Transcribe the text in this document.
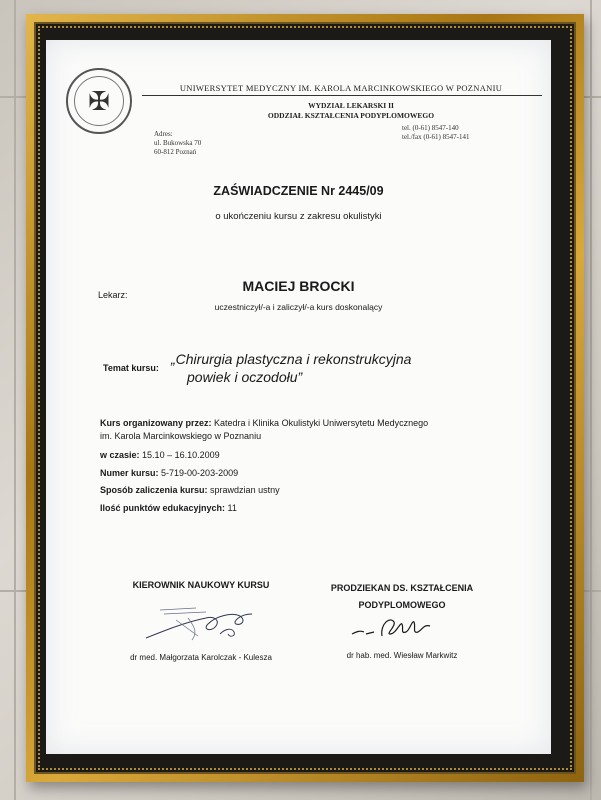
✠	UNIWERSYTET MEDYCZNY IM. KAROLA MARCINKOWSKIEGO W POZNANIU
WYDZIAŁ LEKARSKI II
ODDZIAŁ KSZTAŁCENIA PODYPLOMOWEGO
Adres:
ul. Bukowska 70
60-812 Poznań
tel. (0-61) 8547-140
tel./fax (0-61) 8547-141
ZAŚWIADCZENIE Nr 2445/09
o ukończeniu kursu z zakresu okulistyki
Lekarz:
MACIEJ BROCKI
uczestniczył/-a i zaliczył/-a kurs doskonalący
Temat kursu:
„Chirurgia plastyczna i rekonstrukcyjna
powiek i oczodołu”
Kurs organizowany przez: Katedra i Klinika Okulistyki Uniwersytetu Medycznego
im. Karola Marcinkowskiego w Poznaniu
w czasie: 15.10 – 16.10.2009
Numer kursu: 5-719-00-203-2009
Sposób zaliczenia kursu: sprawdzian ustny
Ilość punktów edukacyjnych: 11
KIEROWNIK NAUKOWY KURSU	PRODZIEKAN DS. KSZTAŁCENIA
PODYPLOMOWEGO
dr med. Małgorzata Karolczak - Kulesza	dr hab. med. Wiesław Markwitz
